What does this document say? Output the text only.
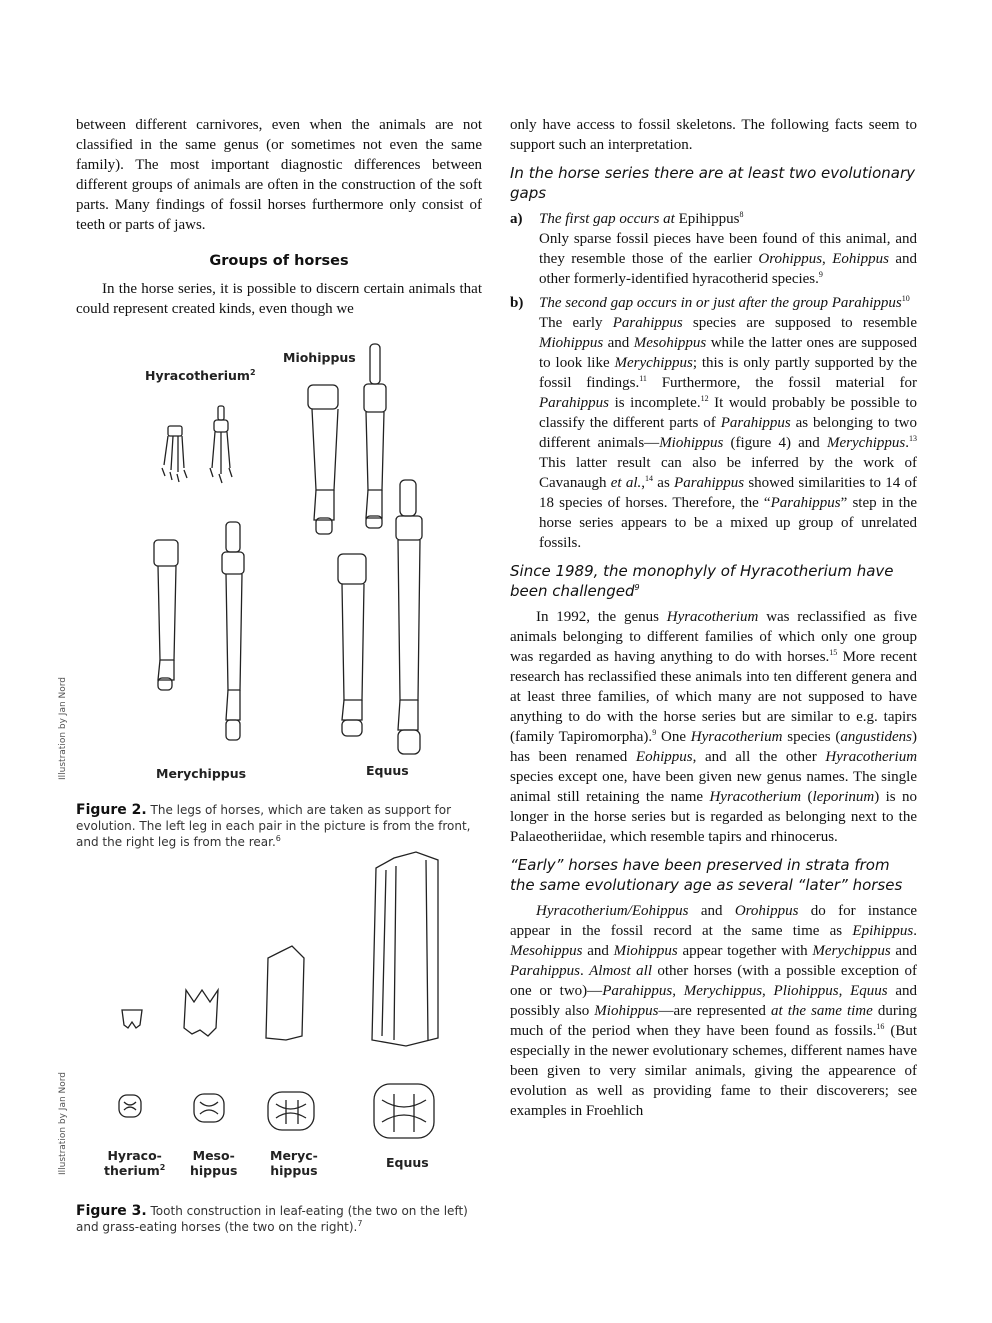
between different carnivores, even when the animals are not classified in the same genus (or sometimes not even the same family). The most important diagnostic differences between different groups of animals are often in the construction of the soft parts. Many findings of fossil horses furthermore only consist of teeth or parts of jaws.

Groups of horses

In the horse series, it is possible to discern certain animals that could represent created kinds, even though we

Illustration by Jan Nord
Hyracotherium$^2$
Miohippus
Merychippus	Equus
Figure 2. The legs of horses, which are taken as support for evolution. The left leg in each pair in the picture is from the front, and the right leg is from the rear.$^6$
Illustration by Jan Nord	Hyraco-
therium$^2$
Meso-
hippus
Meryc-
hippus
Equus
Figure 3. Tooth construction in leaf-eating (the two on the left) and grass-eating horses (the two on the right).$^7$

only have access to fossil skeletons. The following facts seem to support such an interpretation.

In the horse series there are at least two evolutionary gaps
a)	The first gap occurs at Epihippus$^8$

Only sparse fossil pieces have been found of this animal, and they resemble those of the earlier Orohippus, Eohippus and other formerly-identified hyracotherid species.$^9$

b)	The second gap occurs in or just after the group Parahippus$^{10}$

The early Parahippus species are supposed to resemble Miohippus and Mesohippus while the latter ones are supposed to look like Merychippus; this is only partly supported by the fossil findings.$^{11}$ Furthermore, the fossil material for Parahippus is incomplete.$^{12}$ It would probably be possible to classify the different parts of Parahippus as belonging to two different animals—Miohippus (figure 4) and Merychippus.$^{13}$ This latter result can also be inferred by the work of Cavanaugh et al.,$^{14}$ as Parahippus showed similarities to 14 of 18 species of horses. Therefore, the “Parahippus” step in the horse series appears to be a mixed up group of unrelated fossils.

Since 1989, the monophyly of Hyracotherium have been challenged$^9$

In 1992, the genus Hyracotherium was reclassified as five animals belonging to different families of which only one group was regarded as having anything to do with horses.$^{15}$ More recent research has reclassified these animals into ten different genera and at least three families, of which many are not supposed to have anything to do with the horse series but are similar to e.g. tapirs (family Tapiromorpha).$^9$ One Hyracotherium species (angustidens) has been renamed Eohippus, and all the other Hyracotherium species except one, have been given new genus names. The single animal still retaining the name Hyracotherium (leporinum) is no longer in the horse series but is regarded as belonging next to the Palaeotheriidae, which resemble tapirs and rhinocerus.

“Early” horses have been preserved in strata from the same evolutionary age as several “later” horses

Hyracotherium/Eohippus and Orohippus do for instance appear in the fossil record at the same time as Epihippus. Mesohippus and Miohippus appear together with Merychippus and Parahippus. Almost all other horses (with a possible exception of one or two)—Parahippus, Merychippus, Pliohippus, Equus and possibly also Miohippus—are represented at the same time during much of the period when they have been found as fossils.$^{16}$ (But especially in the newer evolutionary schemes, different names have been given to very similar animals, giving the appearence of evolution as well as providing fame to their discoverers; see examples in Froehlich
